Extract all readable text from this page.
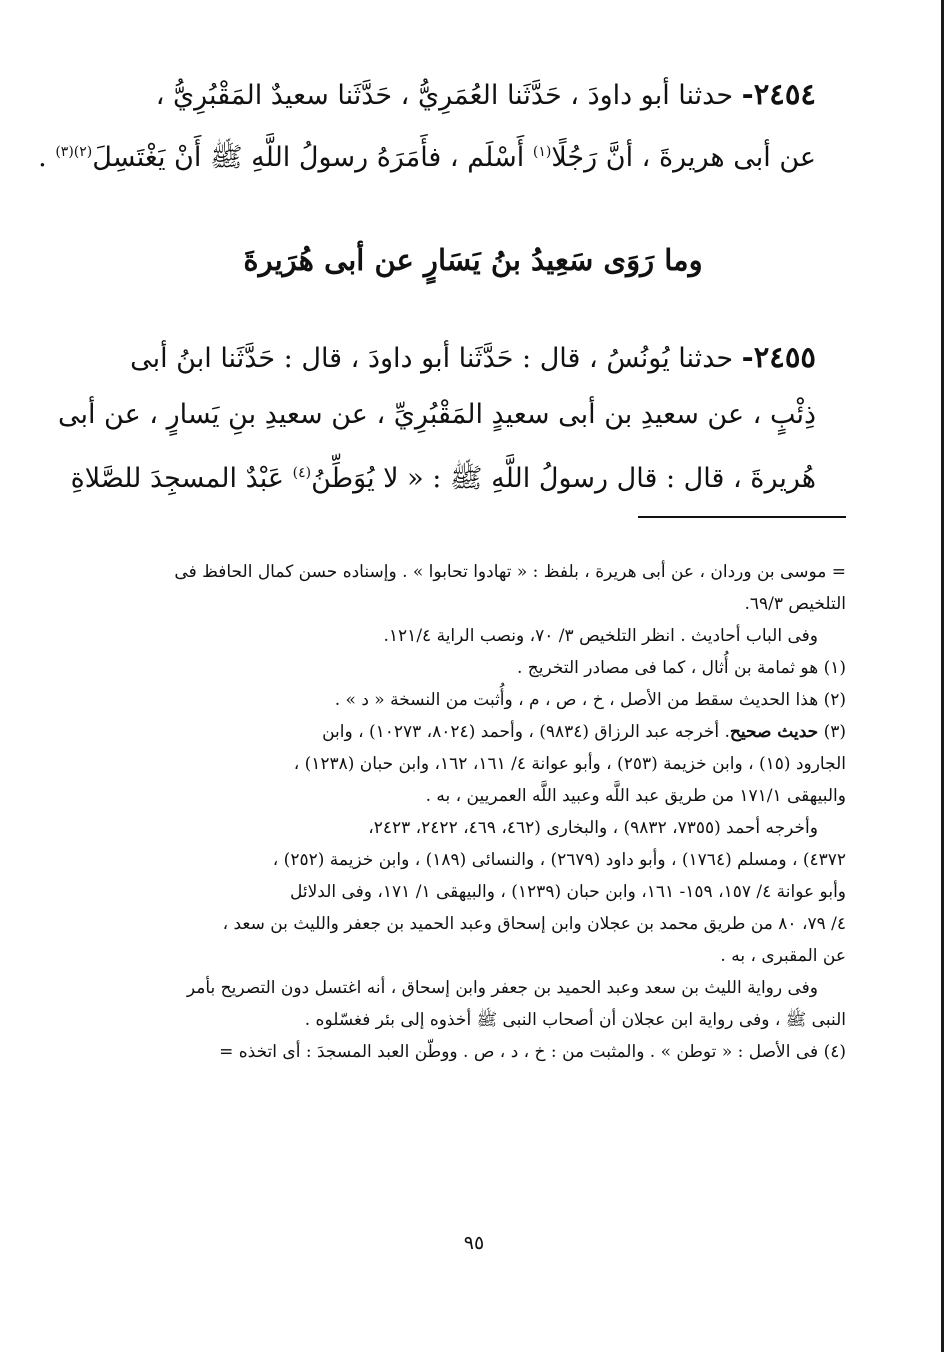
٢٤٥٤- حدثنا أبو داودَ ، حَدَّثَنا العُمَرِيُّ ، حَدَّثَنا سعيدٌ المَقْبُرِيُّ ،
عن أبى هريرةَ ، أنَّ رَجُلًا$^{(١)}$ أَسْلَم ، فأَمَرَهُ رسولُ اللَّهِ ﷺ أَنْ يَغْتَسِلَ$^{(٢)(٣)}$ .
وما رَوَى سَعِيدُ بنُ يَسَارٍ عن أبى هُرَيرةَ
٢٤٥٥- حدثنا يُونُسُ ، قال : حَدَّثَنا أبو داودَ ، قال : حَدَّثَنا ابنُ أبى
ذِئْبٍ ، عن سعيدِ بن أبى سعيدٍ المَقْبُرِيِّ ، عن سعيدِ بنِ يَسارٍ ، عن أبى
هُريرةَ ، قال : قال رسولُ اللَّهِ ﷺ : « لا يُوَطِّنُ$^{(٤)}$ عَبْدٌ المسجِدَ للصَّلاةِ
= موسى بن وردان ، عن أبى هريرة ، بلفظ : « تهادوا تحابوا » . وإسناده حسن كمال الحافظ فى
التلخيص ٦٩/٣.
وفى الباب أحاديث . انظر التلخيص ٣/ ٧٠، ونصب الراية ١٢١/٤.
(١) هو ثمامة بن أُثال ، كما فى مصادر التخريج .
(٢) هذا الحديث سقط من الأصل ، خ ، ص ، م ، وأُثبت من النسخة « د » .
(٣) حديث صحيح. أخرجه عبد الرزاق (٩٨٣٤) ، وأحمد (٨٠٢٤، ١٠٢٧٣) ، وابن
الجارود (١٥) ، وابن خزيمة (٢٥٣) ، وأبو عوانة ٤/ ١٦١، ١٦٢، وابن حبان (١٢٣٨) ،
والبيهقى ١٧١/١ من طريق عبد اللَّه وعبيد اللَّه العمريين ، به .
وأخرجه أحمد (٧٣٥٥، ٩٨٣٢) ، والبخارى (٤٦٢، ٤٦٩، ٢٤٢٢، ٢٤٢٣،
٤٣٧٢) ، ومسلم (١٧٦٤) ، وأبو داود (٢٦٧٩) ، والنسائى (١٨٩) ، وابن خزيمة (٢٥٢) ،
وأبو عوانة ٤/ ١٥٧، ١٥٩- ١٦١، وابن حبان (١٢٣٩) ، والبيهقى ١/ ١٧١، وفى الدلائل
٤/ ٧٩، ٨٠ من طريق محمد بن عجلان وابن إسحاق وعبد الحميد بن جعفر والليث بن سعد ،
عن المقبرى ، به .
وفى رواية الليث بن سعد وعبد الحميد بن جعفر وابن إسحاق ، أنه اغتسل دون التصريح بأمر
النبى ﷺ ، وفى رواية ابن عجلان أن أصحاب النبى ﷺ أخذوه إلى بئر فغسّلوه .
(٤) فى الأصل : « توطن » . والمثبت من : خ ، د ، ص . ووطّن العبد المسجدَ : أى اتخذه =
٩٥
